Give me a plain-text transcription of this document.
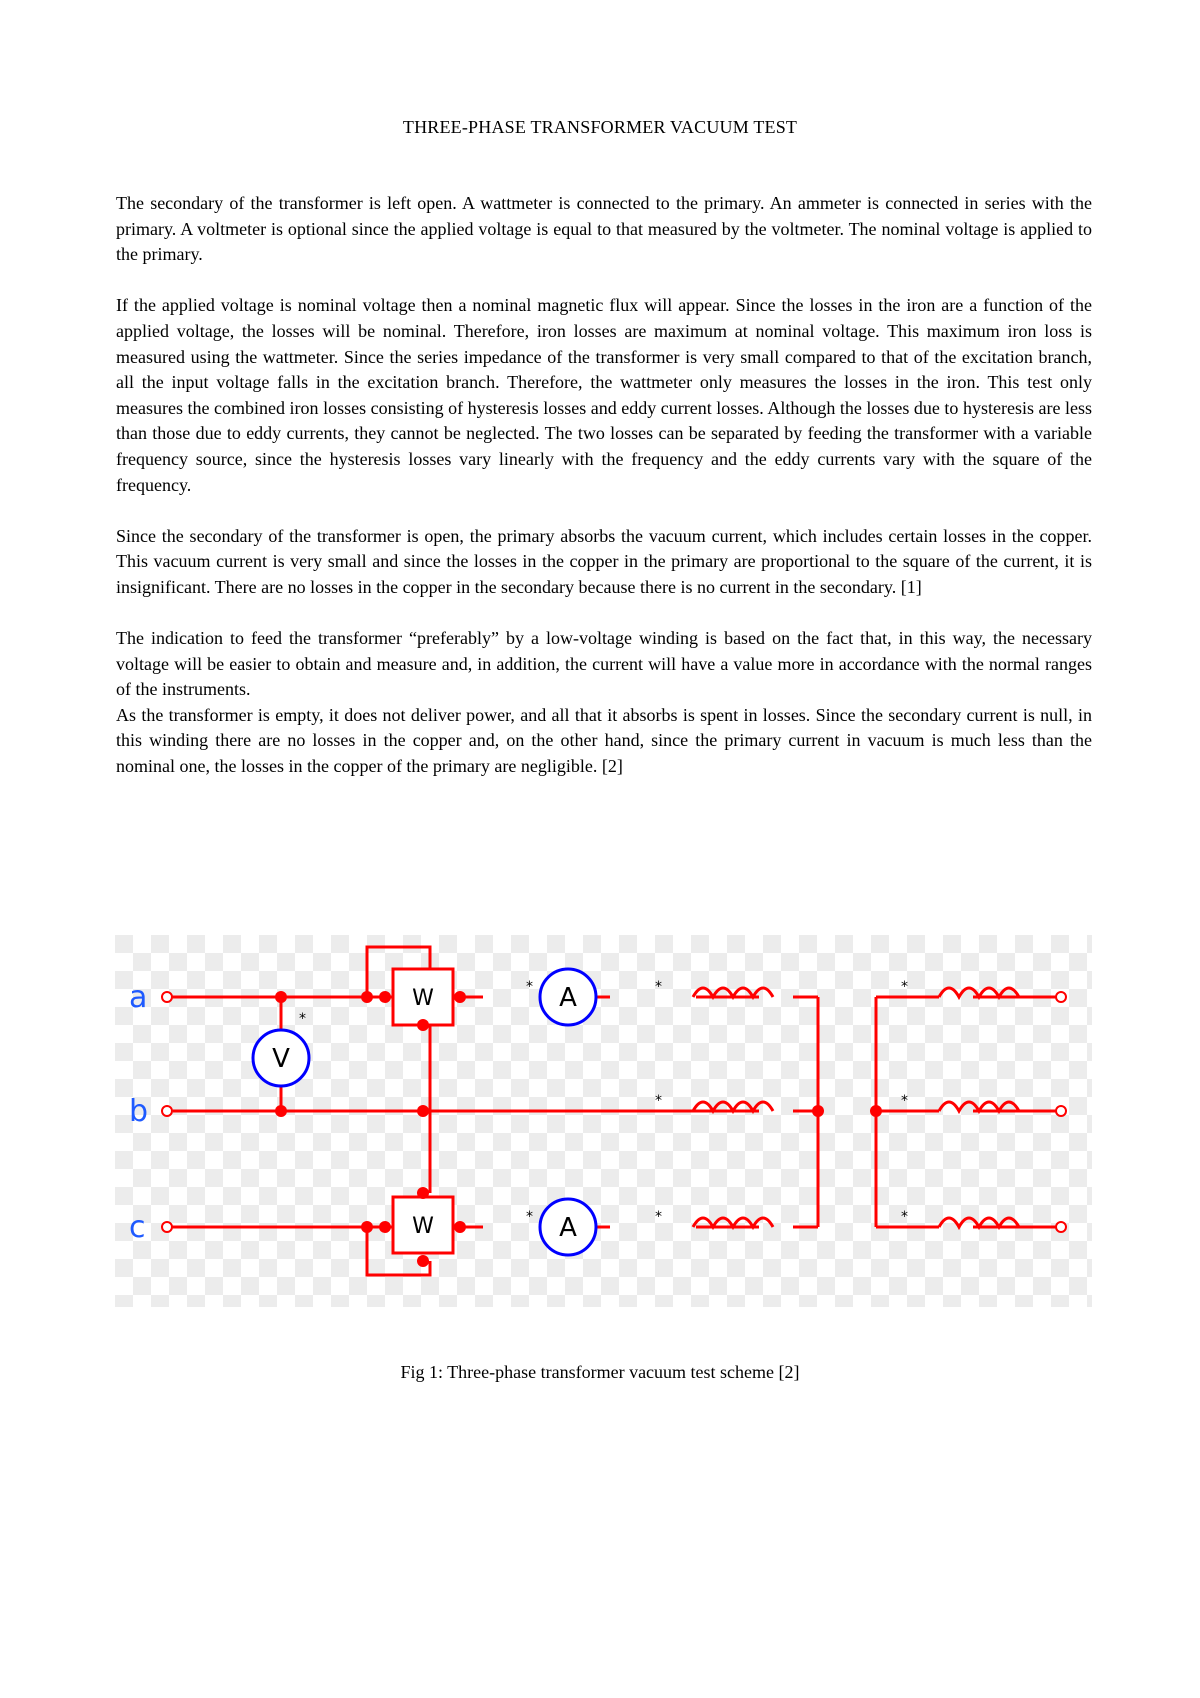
THREE-PHASE TRANSFORMER VACUUM TEST

The secondary of the transformer is left open. A wattmeter is connected to the primary. An ammeter is connected in series with the primary. A voltmeter is optional since the applied voltage is equal to that measured by the voltmeter. The nominal voltage is applied to the primary.

If the applied voltage is nominal voltage then a nominal magnetic flux will appear. Since the losses in the iron are a function of the applied voltage, the losses will be nominal. Therefore, iron losses are maximum at nominal voltage. This maximum iron loss is measured using the wattmeter. Since the series impedance of the transformer is very small compared to that of the excitation branch, all the input voltage falls in the excitation branch. Therefore, the wattmeter only measures the losses in the iron. This test only measures the combined iron losses consisting of hysteresis losses and eddy current losses. Although the losses due to hysteresis are less than those due to eddy currents, they cannot be neglected. The two losses can be separated by feeding the transformer with a variable frequency source, since the hysteresis losses vary linearly with the frequency and the eddy currents vary with the square of the frequency.

Since the secondary of the transformer is open, the primary absorbs the vacuum current, which includes certain losses in the copper. This vacuum current is very small and since the losses in the copper in the primary are proportional to the square of the current, it is insignificant. There are no losses in the copper in the secondary because there is no current in the secondary. [1]

The indication to feed the transformer “preferably” by a low-voltage winding is based on the fact that, in this way, the necessary voltage will be easier to obtain and measure and, in addition, the current will have a value more in accordance with the normal ranges of the instruments.

As the transformer is empty, it does not deliver power, and all that it absorbs is spent in losses. Since the secondary current is null, in this winding there are no losses in the copper and, on the other hand, since the primary current in vacuum is much less than the nominal one, the losses in the copper of the primary are negligible. [2]

W
W
V
A
A
*
*
*
*
*
*
*
*
*
a
b
c
Fig 1: Three-phase transformer vacuum test scheme [2]
